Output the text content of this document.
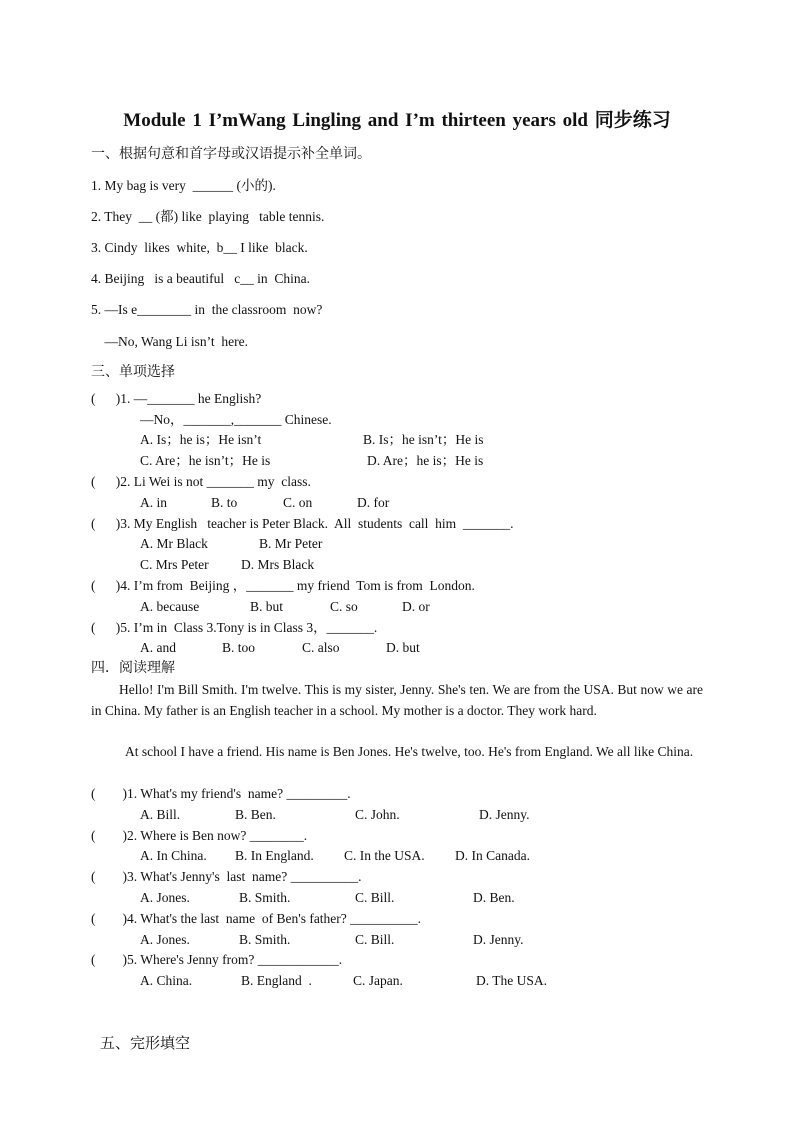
Module 1 I’mWang Lingling and I’m thirteen years old 同步练习
一、根据句意和首字母或汉语提示补全单词。
1. My bag is very  ______ (小的).
2. They  __ (都) like  playing   table tennis.
3. Cindy  likes  white,  b__ I like  black.
4. Beijing   is a beautiful   c__ in  China.
5. —Is e________ in  the classroom  now?
—No, Wang Li isn’t  here.
三、单项选择
(      )1. —_______ he English?
—No，_______,_______ Chinese.
A. Is；he is；He isn’t	B. Is；he isn’t；He is
C. Are；he isn’t；He is	D. Are；he is；He is
(      )2. Li Wei is not _______ my  class.
A. in	B. to	C. on	D. for
(      )3. My English   teacher is Peter Black.  All  students  call  him  _______.
A. Mr Black	B. Mr Peter
C. Mrs Peter D. Mrs Black
(      )4. I’m from  Beijing ，_______ my friend  Tom is from  London.
A. because	B. but	C. so	D. or
(      )5. I’m in  Class 3.Tony is in Class 3，_______.
A. and	B. too	C. also	D. but
四．阅读理解
Hello! I'm Bill Smith. I'm twelve. This is my sister, Jenny. She's ten. We are from the USA. But now we are in China. My father is an English teacher in a school. My mother is a doctor. They work hard.
At school I have a friend. His name is Ben Jones. He's twelve, too. He's from England. We all like China.
(        )1. What's my friend's  name? _________.
A. Bill.	B. Ben.	C. John.	D. Jenny.
(        )2. Where is Ben now? ________.
A. In China. B. In England. C. In the USA. D. In Canada.
(        )3. What's Jenny's  last  name? __________.
A. Jones.	B. Smith.	C. Bill.	D. Ben.
(        )4. What's the last  name  of Ben's father? __________.
A. Jones.	B. Smith.	C. Bill.	D. Jenny.
(        )5. Where's Jenny from? ____________.
A. China.	B. England  .	C. Japan.	D. The USA.
五、完形填空
